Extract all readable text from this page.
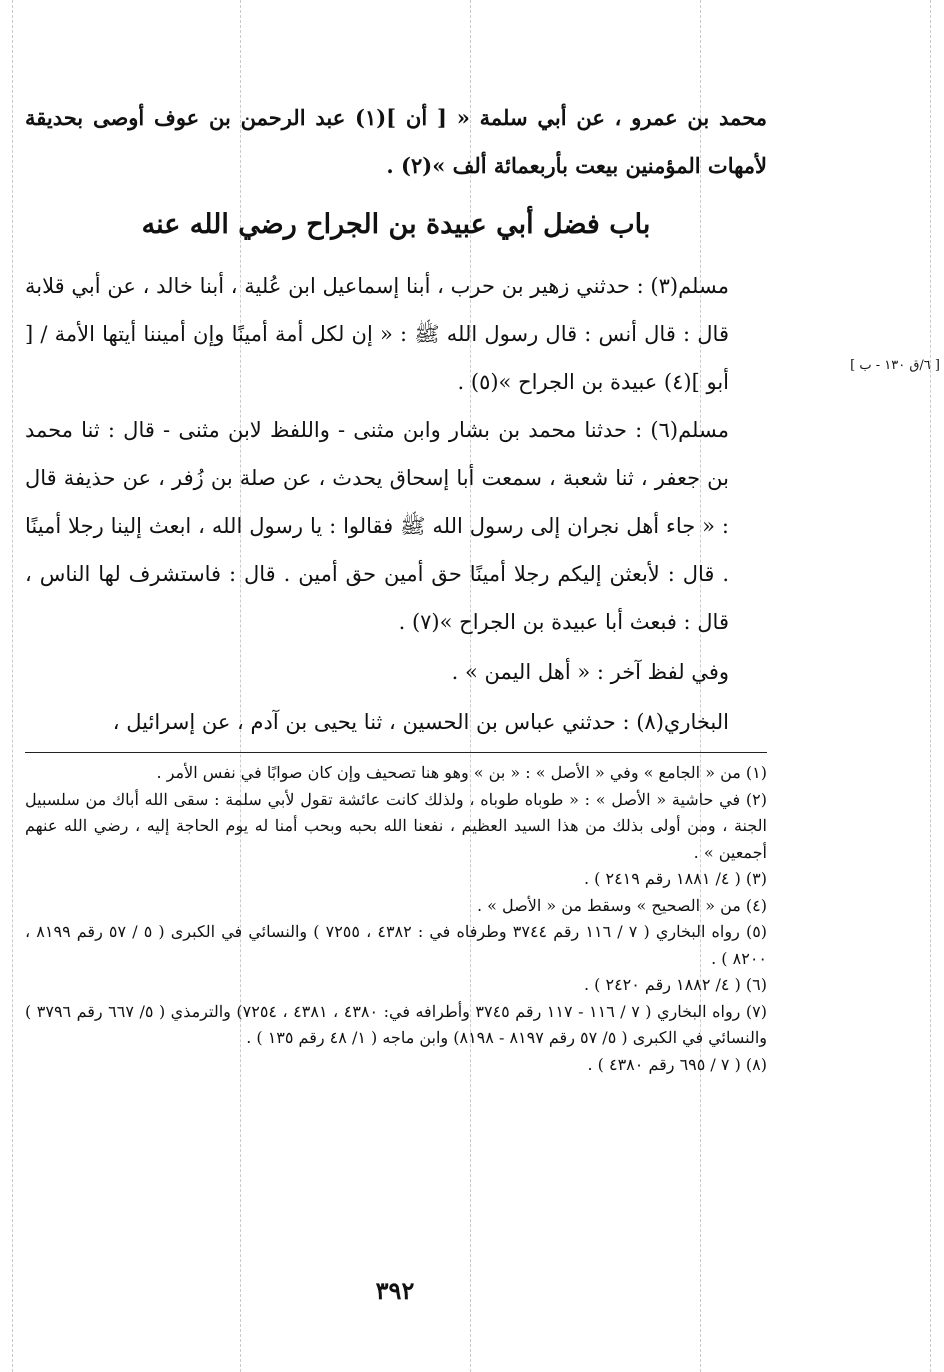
محمد بن عمرو ، عن أبي سلمة « [ أن ](١) عبد الرحمن بن عوف أوصى بحديقة لأمهات المؤمنين بيعت بأربعمائة ألف »(٢) .

باب فضل أبي عبيدة بن الجراح رضي الله عنه

مسلم(٣) : حدثني زهير بن حرب ، أبنا إسماعيل ابن عُلية ، أبنا خالد ، عن أبي قلابة قال : قال أنس : قال رسول الله ﷺ : « إن لكل أمة أمينًا وإن أميننا أيتها الأمة / [ أبو ](٤) عبيدة بن الجراح »(٥) .

[ ٦/ق ١٣٠ - ب ]

مسلم(٦) : حدثنا محمد بن بشار وابن مثنى - واللفظ لابن مثنى - قال : ثنا محمد بن جعفر ، ثنا شعبة ، سمعت أبا إسحاق يحدث ، عن صلة بن زُفر ، عن حذيفة قال : « جاء أهل نجران إلى رسول الله ﷺ فقالوا : يا رسول الله ، ابعث إلينا رجلا أمينًا . قال : لأبعثن إليكم رجلا أمينًا حق أمين حق أمين . قال : فاستشرف لها الناس ، قال : فبعث أبا عبيدة بن الجراح »(٧) .

وفي لفظ آخر : « أهل اليمن » .

البخاري(٨) : حدثني عباس بن الحسين ، ثنا يحيى بن آدم ، عن إسرائيل ،

(١) من « الجامع » وفي « الأصل » : « بن » وهو هنا تصحيف وإن كان صوابًا في نفس الأمر .

(٢) في حاشية « الأصل » : « طوباه طوباه ، ولذلك كانت عائشة تقول لأبي سلمة : سقى الله أباك من سلسبيل الجنة ، ومن أولى بذلك من هذا السيد العظيم ، نفعنا الله بحبه وبحب أمنا له يوم الحاجة إليه ، رضي الله عنهم أجمعين » .

(٣) ( ٤/ ١٨٨١ رقم ٢٤١٩ ) .

(٤) من « الصحيح » وسقط من « الأصل » .

(٥) رواه البخاري ( ٧ / ١١٦ رقم ٣٧٤٤ وطرفاه في : ٤٣٨٢ ، ٧٢٥٥ ) والنسائي في الكبرى ( ٥ / ٥٧ رقم ٨١٩٩ ، ٨٢٠٠ ) .

(٦) ( ٤/ ١٨٨٢ رقم ٢٤٢٠ ) .

(٧) رواه البخاري ( ٧ / ١١٦ - ١١٧ رقم ٣٧٤٥ وأطرافه في: ٤٣٨٠ ، ٤٣٨١ ، ٧٢٥٤) والترمذي ( ٥/ ٦٦٧ رقم ٣٧٩٦ ) والنسائي في الكبرى ( ٥/ ٥٧ رقم ٨١٩٧ - ٨١٩٨) وابن ماجه ( ١/ ٤٨ رقم ١٣٥ ) .

(٨) ( ٧ / ٦٩٥ رقم ٤٣٨٠ ) .

٣٩٢
